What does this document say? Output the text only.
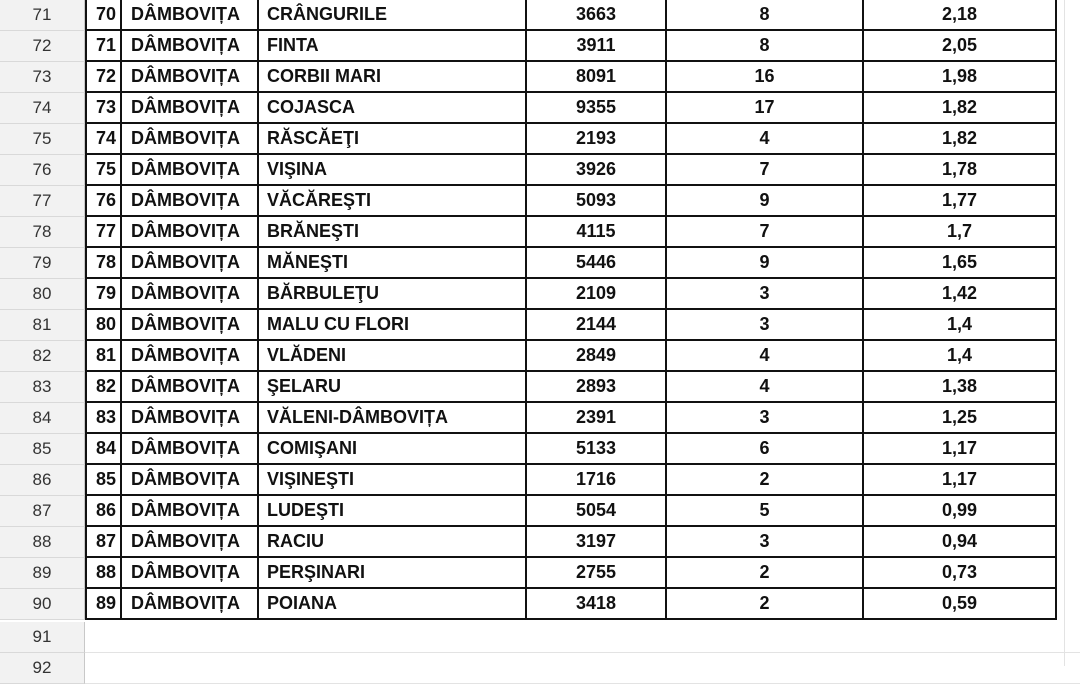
71	70 DÂMBOVIȚA	CRÂNGURILE	3663	8	2,18
72	71 DÂMBOVIȚA	FINTA	3911	8	2,05
73	72 DÂMBOVIȚA	CORBII MARI	8091	16	1,98
74	73 DÂMBOVIȚA	COJASCA	9355	17	1,82
75	74 DÂMBOVIȚA	RĂSCĂEŢI	2193	4	1,82
76	75 DÂMBOVIȚA	VIŞINA	3926	7	1,78
77	76 DÂMBOVIȚA	VĂCĂREŞTI	5093	9	1,77
78	77 DÂMBOVIȚA	BRĂNEŞTI	4115	7	1,7
79	78 DÂMBOVIȚA	MĂNEŞTI	5446	9	1,65
80	79 DÂMBOVIȚA	BĂRBULEŢU	2109	3	1,42
81	80 DÂMBOVIȚA	MALU CU FLORI	2144	3	1,4
82	81 DÂMBOVIȚA	VLĂDENI	2849	4	1,4
83	82 DÂMBOVIȚA	ŞELARU	2893	4	1,38
84	83 DÂMBOVIȚA	VĂLENI-DÂMBOVIȚA	2391	3	1,25
85	84 DÂMBOVIȚA	COMIŞANI	5133	6	1,17
86	85 DÂMBOVIȚA	VIŞINEŞTI	1716	2	1,17
87	86 DÂMBOVIȚA	LUDEŞTI	5054	5	0,99
88	87 DÂMBOVIȚA	RACIU	3197	3	0,94
89	88 DÂMBOVIȚA	PERŞINARI	2755	2	0,73
90	89 DÂMBOVIȚA	POIANA	3418	2	0,59
91
92
